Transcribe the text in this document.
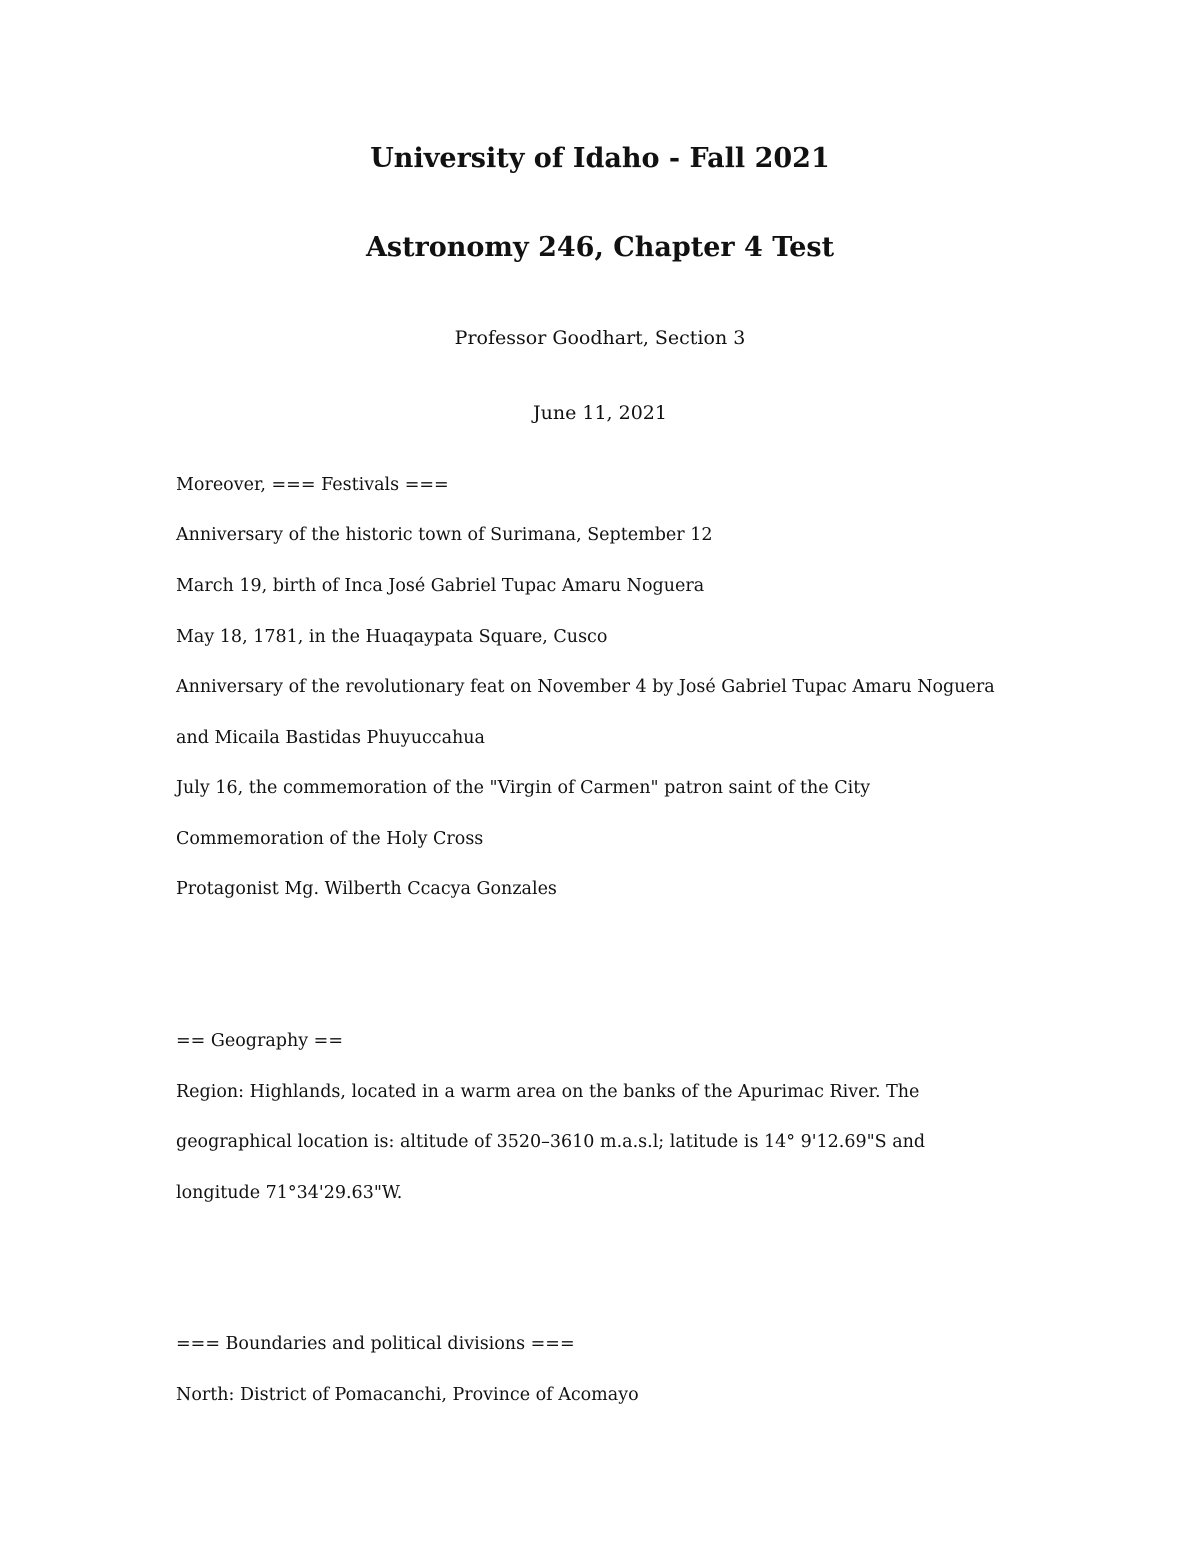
University of Idaho - Fall 2021
Astronomy 246, Chapter 4 Test

Professor Goodhart, Section 3

June 11, 2021

Moreover, === Festivals ===

Anniversary of the historic town of Surimana, September 12

March 19, birth of Inca José Gabriel Tupac Amaru Noguera

May 18, 1781, in the Huaqaypata Square, Cusco

Anniversary of the revolutionary feat on November 4 by José Gabriel Tupac Amaru Noguera

and Micaila Bastidas Phuyuccahua

July 16, the commemoration of the "Virgin of Carmen" patron saint of the City

Commemoration of the Holy Cross

Protagonist Mg. Wilberth Ccacya Gonzales

== Geography ==

Region: Highlands, located in a warm area on the banks of the Apurimac River. The

geographical location is: altitude of 3520–3610 m.a.s.l; latitude is 14° 9'12.69"S and

longitude 71°34'29.63"W.

=== Boundaries and political divisions ===

North: District of Pomacanchi, Province of Acomayo
